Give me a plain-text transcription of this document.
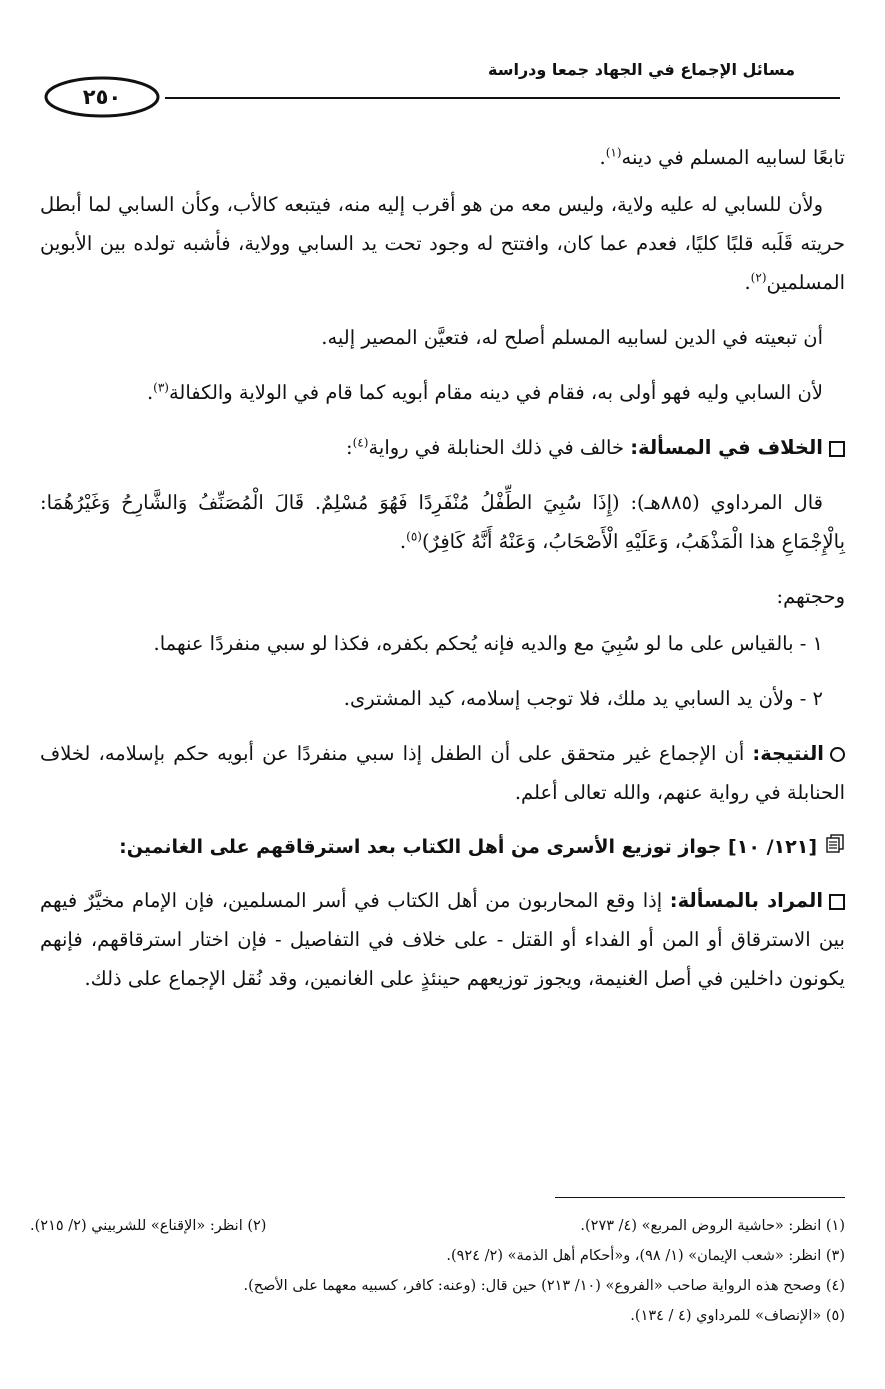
مسائل الإجماع في الجهاد جمعا ودراسة
٢٥٠

تابعًا لسابيه المسلم في دينه$^{(١)}$.

ولأن للسابي له عليه ولاية، وليس معه من هو أقرب إليه منه، فيتبعه كالأب، وكأن السابي لما أبطل حريته قَلَبه قلبًا كليًا، فعدم عما كان، وافتتح له وجود تحت يد السابي وولاية، فأشبه تولده بين الأبوين المسلمين$^{(٢)}$.

أن تبعيته في الدين لسابيه المسلم أصلح له، فتعيَّن المصير إليه.

لأن السابي وليه فهو أولى به، فقام في دينه مقام أبويه كما قام في الولاية والكفالة$^{(٣)}$.

الخلاف في المسألة: خالف في ذلك الحنابلة في رواية$^{(٤)}$:

قال المرداوي (٨٨٥هـ): (إِذَا سُبِيَ الطِّفْلُ مُنْفَرِدًا فَهُوَ مُسْلِمٌ. قَالَ الْمُصَنِّفُ وَالشَّارِحُ وَغَيْرُهُمَا: بِالْإِجْمَاعِ هذا الْمَذْهَبُ، وَعَلَيْهِ الْأَصْحَابُ، وَعَنْهُ أَنَّهُ كَافِرٌ)$^{(٥)}$.

وحجتهم:

١ - بالقياس على ما لو سُبِيَ مع والديه فإنه يُحكم بكفره، فكذا لو سبي منفردًا عنهما.

٢ - ولأن يد السابي يد ملك، فلا توجب إسلامه، كيد المشترى.

النتيجة: أن الإجماع غير متحقق على أن الطفل إذا سبي منفردًا عن أبويه حكم بإسلامه، لخلاف الحنابلة في رواية عنهم، والله تعالى أعلم.

[١٢١/ ١٠] جواز توزيع الأسرى من أهل الكتاب بعد استرقاقهم على الغانمين:

المراد بالمسألة: إذا وقع المحاربون من أهل الكتاب في أسر المسلمين، فإن الإمام مخيَّرٌ فيهم بين الاسترقاق أو المن أو الفداء أو القتل - على خلاف في التفاصيل - فإن اختار استرقاقهم، فإنهم يكونون داخلين في أصل الغنيمة، ويجوز توزيعهم حينئذٍ على الغانمين، وقد نُقل الإجماع على ذلك.

(١) انظر: «حاشية الروض المربع» (٤/ ٢٧٣).
(٢) انظر: «الإقناع» للشربيني (٢/ ٢١٥).
(٣) انظر: «شعب الإيمان» (١/ ٩٨)، و«أحكام أهل الذمة» (٢/ ٩٢٤).
(٤) وصحح هذه الرواية صاحب «الفروع» (١٠/ ٢١٣) حين قال: (وعنه: كافر، كسبيه معهما على الأصح).
(٥) «الإنصاف» للمرداوي (٤ / ١٣٤).
